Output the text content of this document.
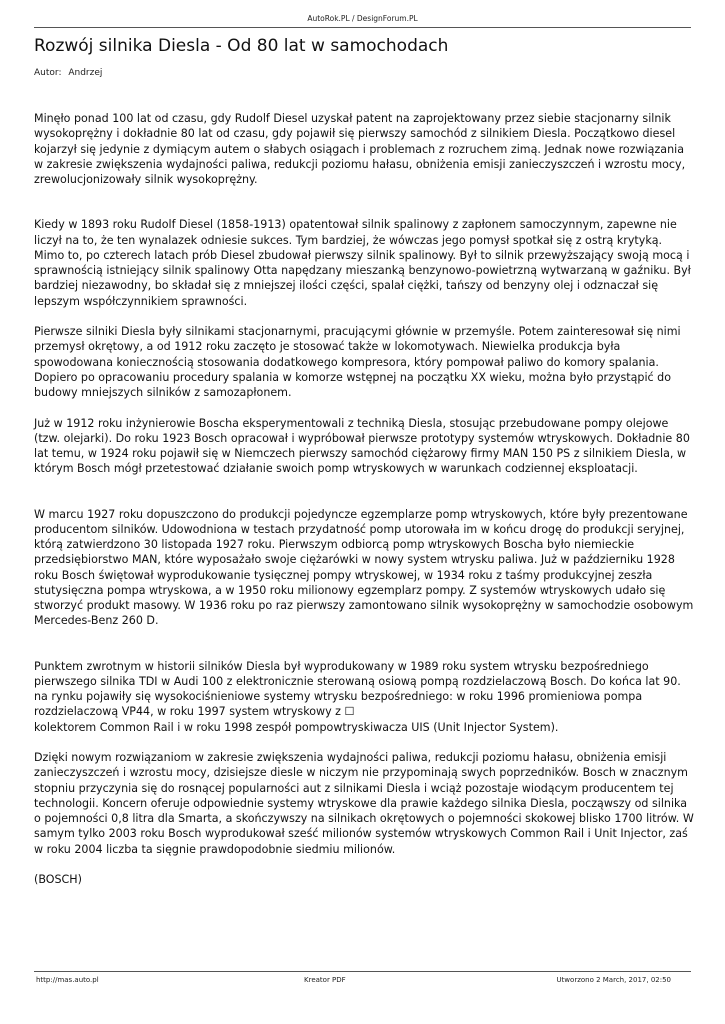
AutoRok.PL / DesignForum.PL
Rozwój silnika Diesla - Od 80 lat w samochodach
Autor: Andrzej

Minęło ponad 100 lat od czasu, gdy Rudolf Diesel uzyskał patent na zaprojektowany przez siebie stacjonarny silnik wysokoprężny i dokładnie 80 lat od czasu, gdy pojawił się pierwszy samochód z silnikiem Diesla. Początkowo diesel kojarzył się jedynie z dymiącym autem o słabych osiągach i problemach z rozruchem zimą. Jednak nowe rozwiązania w zakresie zwiększenia wydajności paliwa, redukcji poziomu hałasu, obniżenia emisji zanieczyszczeń i wzrostu mocy, zrewolucjonizowały silnik wysokoprężny.

Kiedy w 1893 roku Rudolf Diesel (1858-1913) opatentował silnik spalinowy z zapłonem samoczynnym, zapewne nie liczył na to, że ten wynalazek odniesie sukces. Tym bardziej, że wówczas jego pomysł spotkał się z ostrą krytyką. Mimo to, po czterech latach prób Diesel zbudował pierwszy silnik spalinowy. Był to silnik przewyższający swoją mocą i sprawnością istniejący silnik spalinowy Otta napędzany mieszanką benzynowo-powietrzną wytwarzaną w gaźniku. Był bardziej niezawodny, bo składał się z mniejszej ilości części, spalał ciężki, tańszy od benzyny olej i odznaczał się lepszym współczynnikiem sprawności.

Pierwsze silniki Diesla były silnikami stacjonarnymi, pracującymi głównie w przemyśle. Potem zainteresował się nimi przemysł okrętowy, a od 1912 roku zaczęto je stosować także w lokomotywach. Niewielka produkcja była spowodowana koniecznością stosowania dodatkowego kompresora, który pompował paliwo do komory spalania. Dopiero po opracowaniu procedury spalania w komorze wstępnej na początku XX wieku, można było przystąpić do budowy mniejszych silników z samozapłonem.

Już w 1912 roku inżynierowie Boscha eksperymentowali z techniką Diesla, stosując przebudowane pompy olejowe (tzw. olejarki). Do roku 1923 Bosch opracował i wypróbował pierwsze prototypy systemów wtryskowych. Dokładnie 80 lat temu, w 1924 roku pojawił się w Niemczech pierwszy samochód ciężarowy firmy MAN 150 PS z silnikiem Diesla, w którym Bosch mógł przetestować działanie swoich pomp wtryskowych w warunkach codziennej eksploatacji.

W marcu 1927 roku dopuszczono do produkcji pojedyncze egzemplarze pomp wtryskowych, które były prezentowane producentom silników. Udowodniona w testach przydatność pomp utorowała im w końcu drogę do produkcji seryjnej, którą zatwierdzono 30 listopada 1927 roku. Pierwszym odbiorcą pomp wtryskowych Boscha było niemieckie przedsiębiorstwo MAN, które wyposażało swoje ciężarówki w nowy system wtrysku paliwa. Już w październiku 1928 roku Bosch świętował wyprodukowanie tysięcznej pompy wtryskowej, w 1934 roku z taśmy produkcyjnej zeszła stutysięczna pompa wtryskowa, a w 1950 roku milionowy egzemplarz pompy. Z systemów wtryskowych udało się stworzyć produkt masowy. W 1936 roku po raz pierwszy zamontowano silnik wysokoprężny w samochodzie osobowym Mercedes-Benz 260 D.

Punktem zwrotnym w historii silników Diesla był wyprodukowany w 1989 roku system wtrysku bezpośredniego pierwszego silnika TDI w Audi 100 z elektronicznie sterowaną osiową pompą rozdzielaczową Bosch. Do końca lat 90. na rynku pojawiły się wysokociśnieniowe systemy wtrysku bezpośredniego: w roku 1996 promieniowa pompa rozdzielaczową VP44, w roku 1997 system wtryskowy z ☐
kolektorem Common Rail i w roku 1998 zespół pompowtryskiwacza UIS (Unit Injector System).

Dzięki nowym rozwiązaniom w zakresie zwiększenia wydajności paliwa, redukcji poziomu hałasu, obniżenia emisji zanieczyszczeń i wzrostu mocy, dzisiejsze diesle w niczym nie przypominają swych poprzedników. Bosch w znacznym stopniu przyczynia się do rosnącej popularności aut z silnikami Diesla i wciąż pozostaje wiodącym producentem tej technologii. Koncern oferuje odpowiednie systemy wtryskowe dla prawie każdego silnika Diesla, począwszy od silnika o pojemności 0,8 litra dla Smarta, a skończywszy na silnikach okrętowych o pojemności skokowej blisko 1700 litrów. W samym tylko 2003 roku Bosch wyprodukował sześć milionów systemów wtryskowych Common Rail i Unit Injector, zaś w roku 2004 liczba ta sięgnie prawdopodobnie siedmiu milionów.

(BOSCH)

http://mas.auto.pl	Kreator PDF	Utworzono 2 March, 2017, 02:50
